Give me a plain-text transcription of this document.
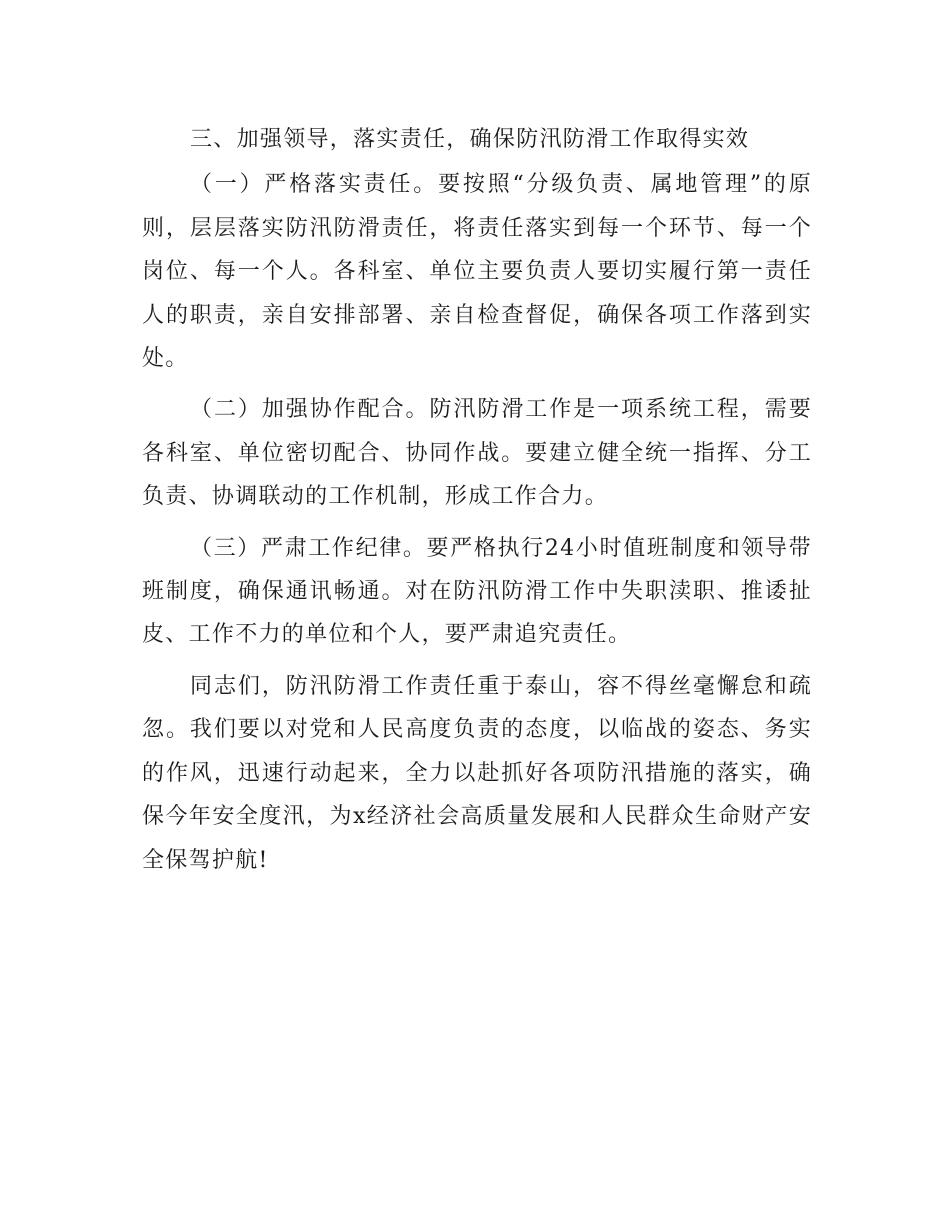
三、加强领导，落实责任，确保防汛防滑工作取得实效

（一）严格落实责任。要按照“分级负责、属地管理”的原则，层层落实防汛防滑责任，将责任落实到每一个环节、每一个岗位、每一个人。各科室、单位主要负责人要切实履行第一责任人的职责，亲自安排部署、亲自检查督促，确保各项工作落到实处。

（二）加强协作配合。防汛防滑工作是一项系统工程，需要各科室、单位密切配合、协同作战。要建立健全统一指挥、分工负责、协调联动的工作机制，形成工作合力。

（三）严肃工作纪律。要严格执行24小时值班制度和领导带班制度，确保通讯畅通。对在防汛防滑工作中失职渎职、推诿扯皮、工作不力的单位和个人，要严肃追究责任。

同志们，防汛防滑工作责任重于泰山，容不得丝毫懈怠和疏忽。我们要以对党和人民高度负责的态度，以临战的姿态、务实的作风，迅速行动起来，全力以赴抓好各项防汛措施的落实，确保今年安全度汛，为x经济社会高质量发展和人民群众生命财产安全保驾护航!
